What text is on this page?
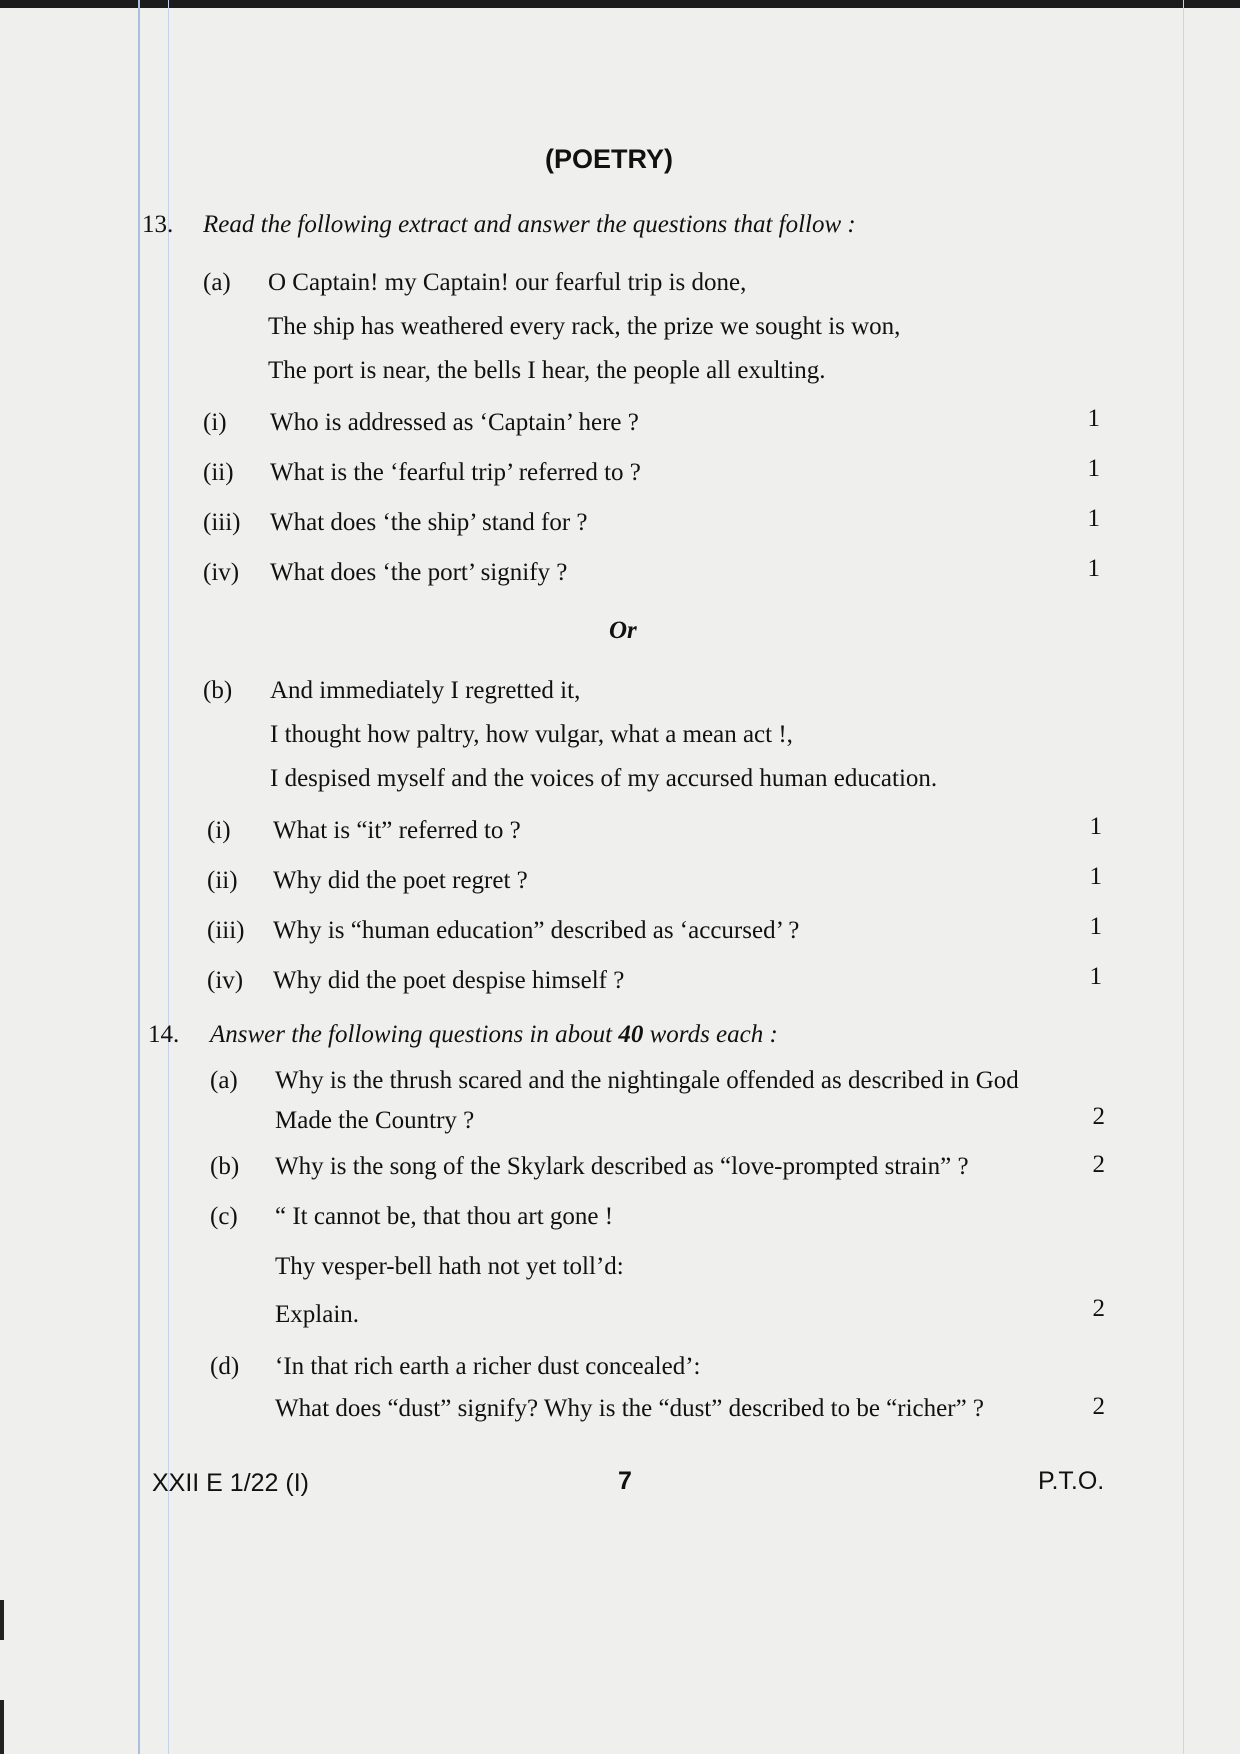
(POETRY)
13. Read the following extract and answer the questions that follow :
(a) O Captain! my Captain! our fearful trip is done,
The ship has weathered every rack, the prize we sought is won,
The port is near, the bells I hear, the people all exulting.
(i) Who is addressed as ‘Captain’ here ?	1
(ii) What is the ‘fearful trip’ referred to ?	1
(iii) What does ‘the ship’ stand for ?	1
(iv) What does ‘the port’ signify ?	1
Or
(b) And immediately I regretted it,
I thought how paltry, how vulgar, what a mean act !,
I despised myself and the voices of my accursed human education.
(i) What is “it” referred to ?	1
(ii) Why did the poet regret ?	1
(iii) Why is “human education” described as ‘accursed’ ?	1
(iv) Why did the poet despise himself ?	1
14. Answer the following questions in about 40 words each :
(a) Why is the thrush scared and the nightingale offended as described in God
Made the Country ?	2
(b) Why is the song of the Skylark described as “love-prompted strain” ?	2
(c) “ It cannot be, that thou art gone !
Thy vesper-bell hath not yet toll’d:
Explain.	2
(d) ‘In that rich earth a richer dust concealed’:
What does “dust” signify? Why is the “dust” described to be “richer” ?	2
XXII E 1/22 (I)	7	P.T.O.
